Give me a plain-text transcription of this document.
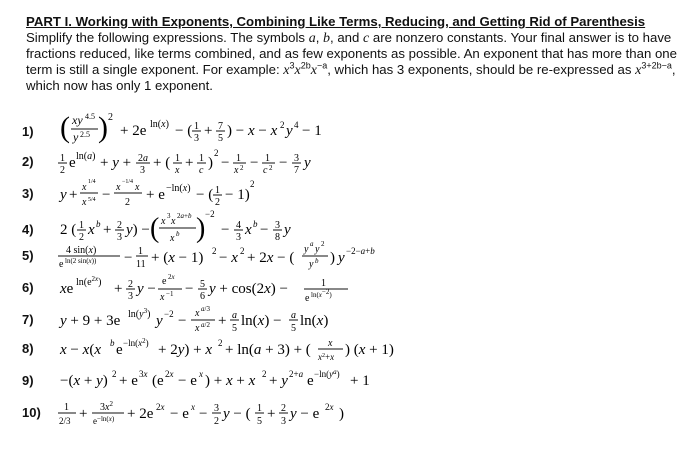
PART I. Working with Exponents, Combining Like Terms, Reducing, and Getting Rid of Parenthesis
Simplify the following expressions. The symbols a, b, and c are nonzero constants. Your final answer is to have fractions reduced, like terms combined, and as few exponents as possible. An exponent that has more than one term is still a single exponent. For example: $x^3x^{2b}x^{-a}$, which has 3 exponents, should be re-expressed as $x^{3+2b-a}$, which now has only 1 exponent.
1) ( xy 4.5
y 2.5 ) 2
+ 2e ln(x) − ( 1
3 + 7
5 ) − x − x 2 y 4 − 1
2)	1
2 e ln(a) + y + 2a
3 + ( 1
x + 1
c )
2
− 1
x 2 − 1
c 2 − 3
7 y
3) y + x 1/4
x 5/4 − x −1/4 x
2 + e −ln(x) − ( 1
2 − 1)
2
4) 2 ( 1
2 x b + 2
3 y) − ( x 3 x 2a+b
x b ) −2
− 4
3 x b − 3
8 y
5)	4 sin(x)
e ln(2 sin(x)) − 1
11 + (x − 1) 2 − x 2 + 2x − (
y a y 2
y b ) y −2−a+b
6) xe $\ln(e^{2x}) + 2$
3 y − e 2x
x −1 − 5
6 y + cos(2x) −	1
e ln(x−2)
7) y + 9 + 3e $\ln(y^3)$ y −2 − x a/3
x a/2 + a
5 ln(x) − a
5 ln(x)
8) x − x(x b $e -\ln(x^2) + 2y) + x$ 2 + ln(a + 3) + ( x
$x^2+x$ ) (x + 1)
9) −(x + y) 2 + e 3x (e 2x − e x ) + x + x 2 + y 2+a $e -\ln(y^a) + 1$
10) 1
$2/3 + 3x^2$
$e^{-ln(x)} + 2e$ 2x − e x − 3
2 y − ( 1
5 + 2
3 y − e 2x )
